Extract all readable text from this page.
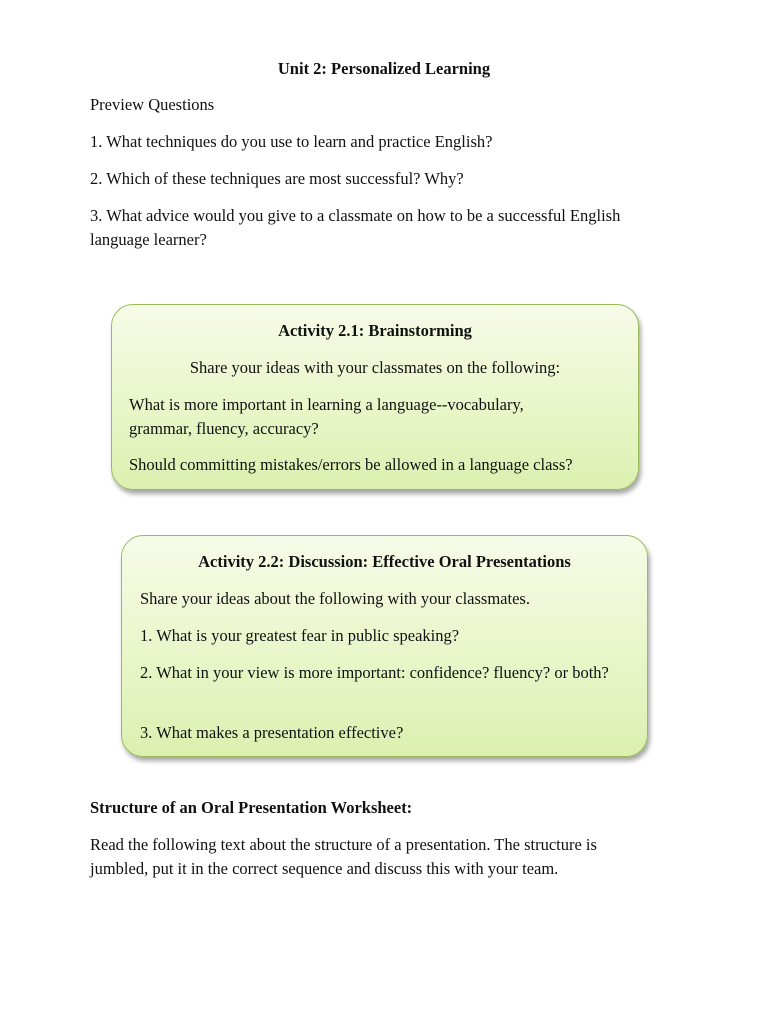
Unit 2: Personalized Learning

Preview Questions

1. What techniques do you use to learn and practice English?

2. Which of these techniques are most successful? Why?

3. What advice would you give to a classmate on how to be a successful English language learner?

Activity 2.1: Brainstorming
Share your ideas with your classmates on the following:

What is more important in learning a language--vocabulary, grammar, fluency, accuracy?

Should committing mistakes/errors be allowed in a language class?

Activity 2.2: Discussion: Effective Oral Presentations

Share your ideas about the following with your classmates.

1. What is your greatest fear in public speaking?

2. What in your view is more important: confidence? fluency? or both?

3. What makes a presentation effective?

Structure of an Oral Presentation Worksheet:

Read the following text about the structure of a presentation. The structure is jumbled, put it in the correct sequence and discuss this with your team.
